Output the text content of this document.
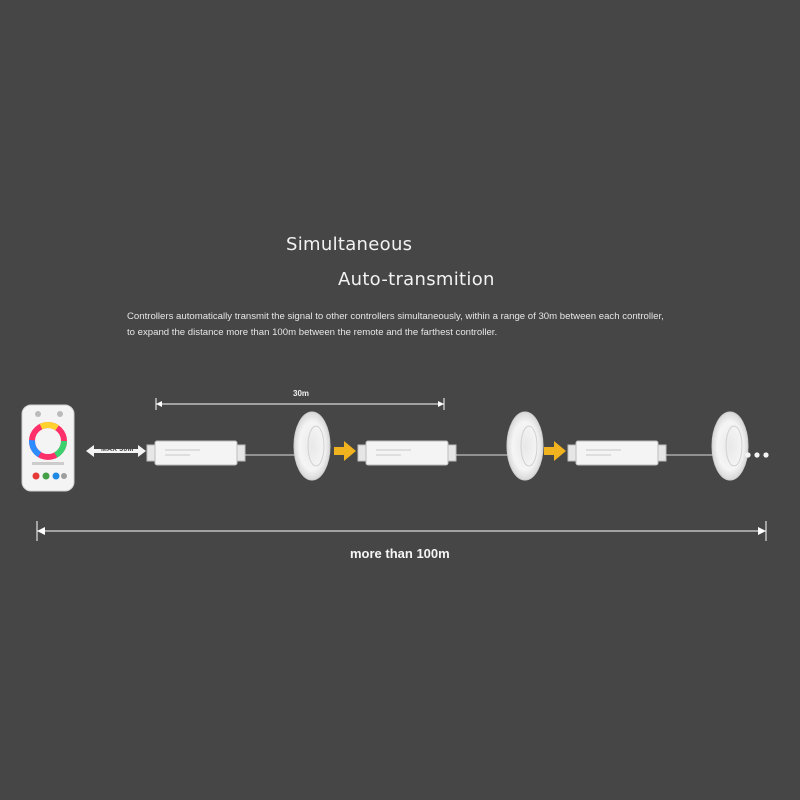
Simultaneous
Auto-transmition
Controllers automatically transmit the signal to other controllers simultaneously, within a range of 30m between each controller,
to expand the distance more than 100m between the remote and the farthest controller.
30m
MAX 30M
more than 100m
